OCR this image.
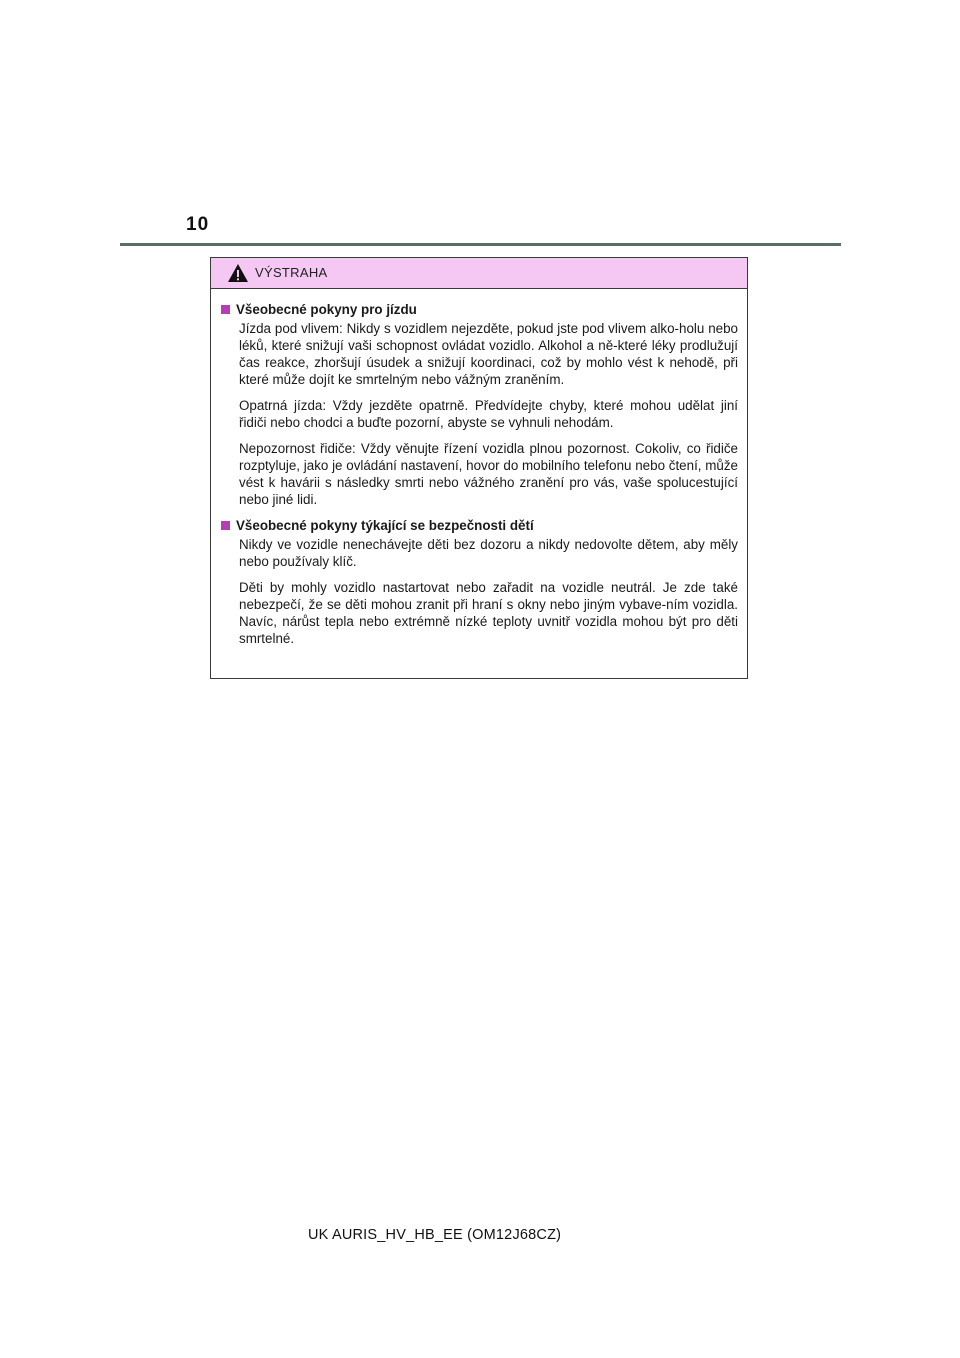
10
VÝSTRAHA
Všeobecné pokyny pro jízdu

Jízda pod vlivem: Nikdy s vozidlem nejezděte, pokud jste pod vlivem alko-holu nebo léků, které snižují vaši schopnost ovládat vozidlo. Alkohol a ně-které léky prodlužují čas reakce, zhoršují úsudek a snižují koordinaci, což by mohlo vést k nehodě, při které může dojít ke smrtelným nebo vážným zraněním.

Opatrná jízda: Vždy jezděte opatrně. Předvídejte chyby, které mohou udělat jiní řidiči nebo chodci a buďte pozorní, abyste se vyhnuli nehodám.

Nepozornost řidiče: Vždy věnujte řízení vozidla plnou pozornost. Cokoliv, co řidiče rozptyluje, jako je ovládání nastavení, hovor do mobilního telefonu nebo čtení, může vést k havárii s následky smrti nebo vážného zranění pro vás, vaše spolucestující nebo jiné lidi.

Všeobecné pokyny týkající se bezpečnosti dětí

Nikdy ve vozidle nenechávejte děti bez dozoru a nikdy nedovolte dětem, aby měly nebo používaly klíč.

Děti by mohly vozidlo nastartovat nebo zařadit na vozidle neutrál. Je zde také nebezpečí, že se děti mohou zranit při hraní s okny nebo jiným vybave-ním vozidla. Navíc, nárůst tepla nebo extrémně nízké teploty uvnitř vozidla mohou být pro děti smrtelné.

UK AURIS_HV_HB_EE (OM12J68CZ)
